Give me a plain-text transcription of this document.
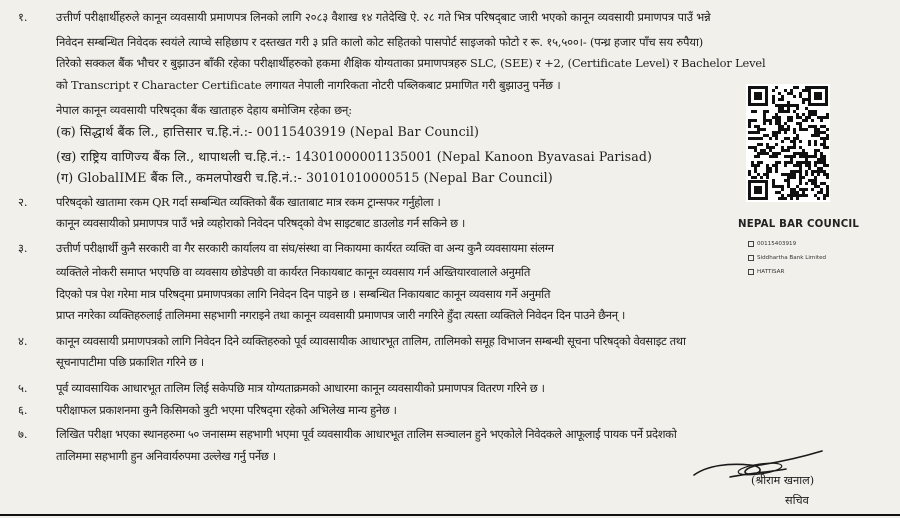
१. उत्तीर्ण परीक्षार्थीहरुले कानून व्यवसायी प्रमाणपत्र लिनको लागि २०८३ वैशाख १४ गतेदेखि ऐ. २८ गते भित्र परिषद्‌बाट जारी भएको कानून व्यवसायी प्रमाणपत्र पाउँ भन्ने
निवेदन सम्बन्धित निवेदक स्वयंले त्याप्चे सहिछाप र दस्तखत गरी ३ प्रति कालो कोट सहितको पासपोर्ट साइजको फोटो र रू. १५,५००।- (पन्ध्र हजार पाँच सय रुपैया)
तिरेको सक्कल बैंक भौचर र बुझाउन बाँकी रहेका परीक्षार्थीहरुको हकमा शैक्षिक योग्यताका प्रमाणपत्रहरु SLC, (SEE) र +2, (Certificate Level) र Bachelor Level
को Transcript र Character Certificate लगायत नेपाली नागरिकता नोटरी पब्लिकबाट प्रमाणित गरी बुझाउनु पर्नेछ ।
नेपाल कानून व्यवसायी परिषद्‌का बैंक खाताहरु देहाय बमोजिम रहेका छन्:
(क) सिद्धार्थ बैंक लि., हात्तिसार च.हि.नं.:- 00115403919 (Nepal Bar Council)
(ख) राष्ट्रिय वाणिज्य बैंक लि., थापाथली च.हि.नं.:- 14301000001135001 (Nepal Kanoon Byavasai Parisad)
(ग) GlobalIME बैंक लि., कमलपोखरी च.हि.नं.:- 30101010000515 (Nepal Bar Council)
२. परिषद्‌को खातामा रकम QR गर्दा सम्बन्धित व्यक्तिको बैंक खाताबाट मात्र रकम ट्रान्सफर गर्नुहोला ।
कानून व्यवसायीको प्रमाणपत्र पाउँ भन्ने व्यहोराको निवेदन परिषद्‌को वेभ साइटबाट डाउलोड गर्न सकिने छ ।
३. उत्तीर्ण परीक्षार्थी कुनै सरकारी वा गैर सरकारी कार्यालय वा संघ/संस्था वा निकायमा कार्यरत व्यक्ति वा अन्य कुनै व्यवसायमा संलग्न
व्यक्तिले नोकरी समाप्त भएपछि वा व्यवसाय छोडेपछी वा कार्यरत निकायबाट कानून व्यवसाय गर्न अख्तियारवालाले अनुमति
दिएको पत्र पेश गरेमा मात्र परिषद्‌मा प्रमाणपत्रका लागि निवेदन दिन पाइने छ । सम्बन्धित निकायबाट कानून व्यवसाय गर्ने अनुमति
प्राप्त नगरेका व्यक्तिहरुलाई तालिममा सहभागी नगराइने तथा कानून व्यवसायी प्रमाणपत्र जारी नगरिने हुँदा त्यस्ता व्यक्तिले निवेदन दिन पाउने छैनन् ।
४. कानून व्यवसायी प्रमाणपत्रको लागि निवेदन दिने व्यक्तिहरुको पूर्व व्यावसायीक आधारभूत तालिम, तालिमको समूह विभाजन सम्बन्धी सूचना परिषद्‌को वेवसाइट तथा
सूचनापाटीमा पछि प्रकाशित गरिने छ ।
५. पूर्व व्यावसायिक आधारभूत तालिम लिई सकेपछि मात्र योग्यताक्रमको आधारमा कानून व्यवसायीको प्रमाणपत्र वितरण गरिने छ ।
६. परीक्षाफल प्रकाशनमा कुनै किसिमको त्रुटी भएमा परिषद्‌मा रहेको अभिलेख मान्य हुनेछ ।
७. लिखित परीक्षा भएका स्थानहरुमा ५० जनासम्म सहभागी भएमा पूर्व व्यवसायीक आधारभूत तालिम सञ्चालन हुने भएकोले निवेदकले आफूलाई पायक पर्ने प्रदेशको
तालिममा सहभागी हुन अनिवार्यरुपमा उल्लेख गर्नु पर्नेछ ।
NEPAL BAR COUNCIL
00115403919
Siddhartha Bank Limited
HATTISAR
(श्रीराम खनाल)
सचिव
